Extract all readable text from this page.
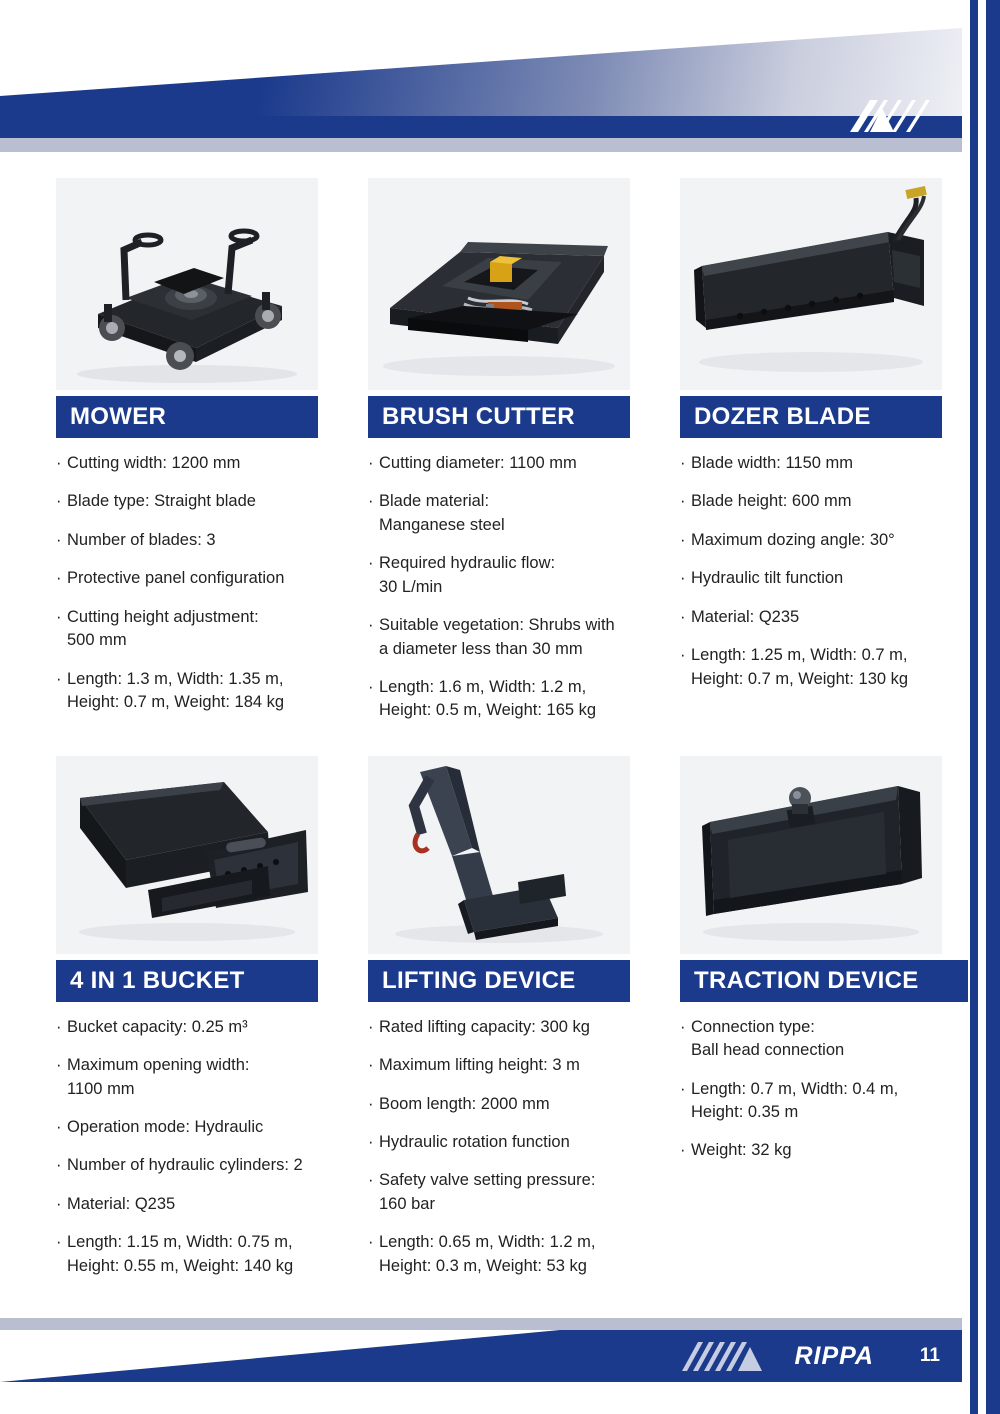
MOWER
· Cutting width: 1200 mm
· Blade type: Straight blade
· Number of blades: 3
· Protective panel configuration
· Cutting height adjustment:
500 mm
· Length: 1.3 m, Width: 1.35 m,
Height: 0.7 m, Weight: 184 kg
BRUSH CUTTER
· Cutting diameter: 1100 mm
· Blade material:
Manganese steel
· Required hydraulic flow:
30 L/min
· Suitable vegetation: Shrubs with
a diameter less than 30 mm
· Length: 1.6 m, Width: 1.2 m,
Height: 0.5 m, Weight: 165 kg
DOZER BLADE
· Blade width: 1150 mm
· Blade height: 600 mm
· Maximum dozing angle: 30°
· Hydraulic tilt function
· Material: Q235
· Length: 1.25 m, Width: 0.7 m,
Height: 0.7 m, Weight: 130 kg
4 IN 1 BUCKET
· Bucket capacity: 0.25 m³
· Maximum opening width:
1100 mm
· Operation mode: Hydraulic
· Number of hydraulic cylinders: 2
· Material: Q235
· Length: 1.15 m, Width: 0.75 m,
Height: 0.55 m, Weight: 140 kg
LIFTING DEVICE
· Rated lifting capacity: 300 kg
· Maximum lifting height: 3 m
· Boom length: 2000 mm
· Hydraulic rotation function
· Safety valve setting pressure:
160 bar
· Length: 0.65 m, Width: 1.2 m,
Height: 0.3 m, Weight: 53 kg
TRACTION DEVICE
· Connection type:
Ball head connection
· Length: 0.7 m, Width: 0.4 m,
Height: 0.35 m
· Weight: 32 kg
RIPPA 11
